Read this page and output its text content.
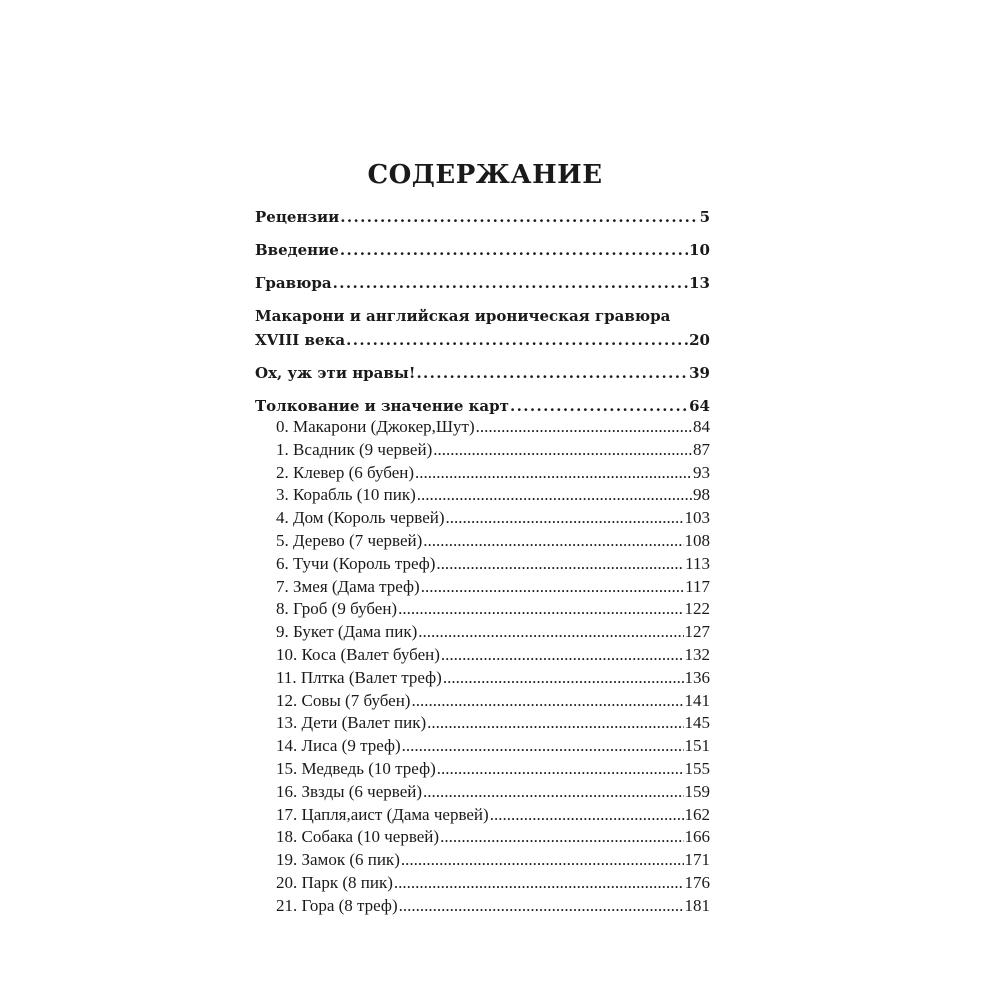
СОДЕРЖАНИЕ
Рецензии .....	5
Введение .....	10
Гравюра .....	13
Макарони и английская ироническая гравюра
XVIII века .....	20
Ох, уж эти нравы! .....	39
Толкование и значение карт .....	64
0. Макарони (Джокер,Шут) .....	84
1. Всадник (9 червей) .....	87
2. Клевер (6 бубен) .....	93
3. Корабль (10 пик) .....	98
4. Дом (Король червей) .....	103
5. Дерево (7 червей) .....	108
6. Тучи (Король треф) .....	113
7. Змея (Дама треф) .....	117
8. Гроб (9 бубен) .....	122
9. Букет (Дама пик) .....	127
10. Коса (Валет бубен) .....	132
11. Плтка (Валет треф) .....	136
12. Совы (7 бубен) .....	141
13. Дети (Валет пик) .....	145
14. Лиса (9 треф) .....	151
15. Медведь (10 треф) .....	155
16. Звзды (6 червей) .....	159
17. Цапля,аист (Дама червей) .....	162
18. Собака (10 червей) .....	166
19. Замок (6 пик) .....	171
20. Парк (8 пик) .....	176
21. Гора (8 треф) .....	181
